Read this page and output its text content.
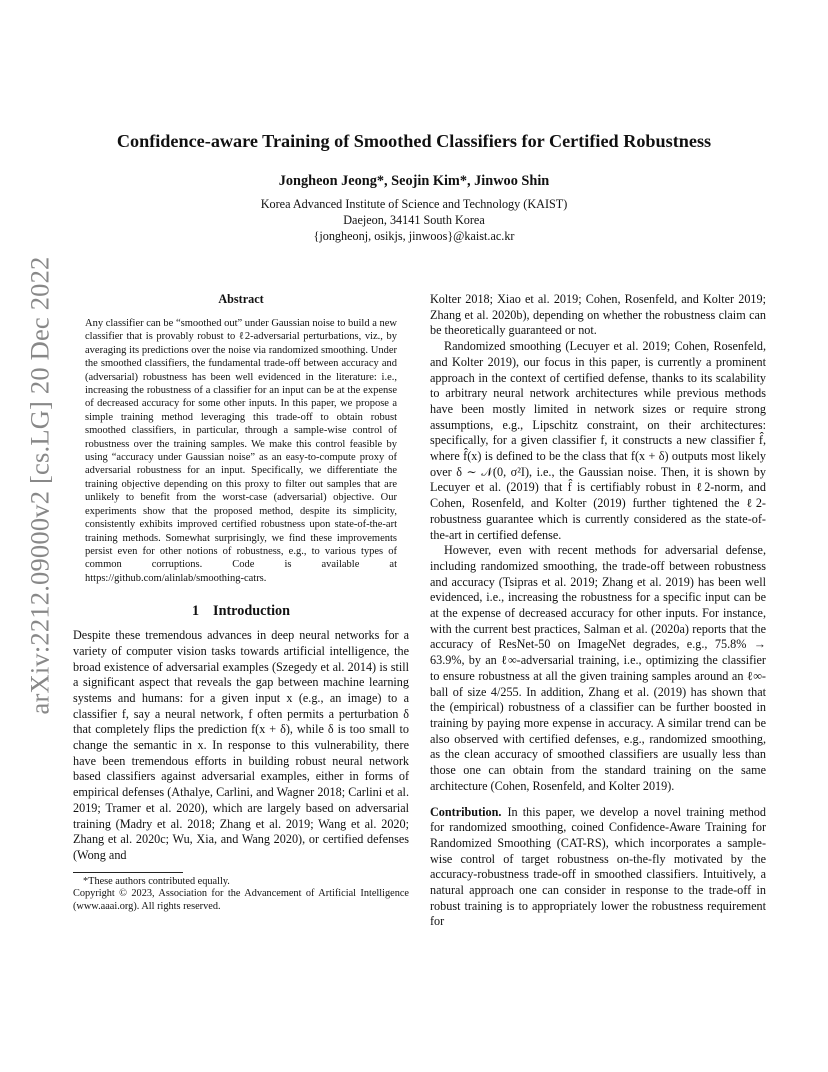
arXiv:2212.09000v2 [cs.LG] 20 Dec 2022
Confidence-aware Training of Smoothed Classifiers for Certified Robustness
Jongheon Jeong*, Seojin Kim*, Jinwoo Shin
Korea Advanced Institute of Science and Technology (KAIST)
Daejeon, 34141 South Korea
{jongheonj, osikjs, jinwoos}@kaist.ac.kr
Abstract

Any classifier can be “smoothed out” under Gaussian noise to build a new classifier that is provably robust to ℓ2-adversarial perturbations, viz., by averaging its predictions over the noise via randomized smoothing. Under the smoothed classifiers, the fundamental trade-off between accuracy and (adversarial) robustness has been well evidenced in the literature: i.e., increasing the robustness of a classifier for an input can be at the expense of decreased accuracy for some other inputs. In this paper, we propose a simple training method leveraging this trade-off to obtain robust smoothed classifiers, in particular, through a sample-wise control of robustness over the training samples. We make this control feasible by using “accuracy under Gaussian noise” as an easy-to-compute proxy of adversarial robustness for an input. Specifically, we differentiate the training objective depending on this proxy to filter out samples that are unlikely to benefit from the worst-case (adversarial) objective. Our experiments show that the proposed method, despite its simplicity, consistently exhibits improved certified robustness upon state-of-the-art training methods. Somewhat surprisingly, we find these improvements persist even for other notions of robustness, e.g., to various types of common corruptions. Code is available at https://github.com/alinlab/smoothing-catrs.

1 Introduction

Despite these tremendous advances in deep neural networks for a variety of computer vision tasks towards artificial intelligence, the broad existence of adversarial examples (Szegedy et al. 2014) is still a significant aspect that reveals the gap between machine learning systems and humans: for a given input x (e.g., an image) to a classifier f, say a neural network, f often permits a perturbation δ that completely flips the prediction f(x + δ), while δ is too small to change the semantic in x. In response to this vulnerability, there have been tremendous efforts in building robust neural network based classifiers against adversarial examples, either in forms of empirical defenses (Athalye, Carlini, and Wagner 2018; Carlini et al. 2019; Tramer et al. 2020), which are largely based on adversarial training (Madry et al. 2018; Zhang et al. 2019; Wang et al. 2020; Zhang et al. 2020c; Wu, Xia, and Wang 2020), or certified defenses (Wong and

*These authors contributed equally.
Copyright © 2023, Association for the Advancement of Artificial Intelligence (www.aaai.org). All rights reserved.

Kolter 2018; Xiao et al. 2019; Cohen, Rosenfeld, and Kolter 2019; Zhang et al. 2020b), depending on whether the robustness claim can be theoretically guaranteed or not.

Randomized smoothing (Lecuyer et al. 2019; Cohen, Rosenfeld, and Kolter 2019), our focus in this paper, is currently a prominent approach in the context of certified defense, thanks to its scalability to arbitrary neural network architectures while previous methods have been mostly limited in network sizes or require strong assumptions, e.g., Lipschitz constraint, on their architectures: specifically, for a given classifier f, it constructs a new classifier f̂, where f̂(x) is defined to be the class that f(x + δ) outputs most likely over δ ∼ 𝒩(0, σ²I), i.e., the Gaussian noise. Then, it is shown by Lecuyer et al. (2019) that f̂ is certifiably robust in ℓ2-norm, and Cohen, Rosenfeld, and Kolter (2019) further tightened the ℓ2-robustness guarantee which is currently considered as the state-of-the-art in certified defense.

However, even with recent methods for adversarial defense, including randomized smoothing, the trade-off between robustness and accuracy (Tsipras et al. 2019; Zhang et al. 2019) has been well evidenced, i.e., increasing the robustness for a specific input can be at the expense of decreased accuracy for other inputs. For instance, with the current best practices, Salman et al. (2020a) reports that the accuracy of ResNet-50 on ImageNet degrades, e.g., 75.8% → 63.9%, by an ℓ∞-adversarial training, i.e., optimizing the classifier to ensure robustness at all the given training samples around an ℓ∞-ball of size 4/255. In addition, Zhang et al. (2019) has shown that the (empirical) robustness of a classifier can be further boosted in training by paying more expense in accuracy. A similar trend can be also observed with certified defenses, e.g., randomized smoothing, as the clean accuracy of smoothed classifiers are usually less than those one can obtain from the standard training on the same architecture (Cohen, Rosenfeld, and Kolter 2019).

Contribution. In this paper, we develop a novel training method for randomized smoothing, coined Confidence-Aware Training for Randomized Smoothing (CAT-RS), which incorporates a sample-wise control of target robustness on-the-fly motivated by the accuracy-robustness trade-off in smoothed classifiers. Intuitively, a natural approach one can consider in response to the trade-off in robust training is to appropriately lower the robustness requirement for
